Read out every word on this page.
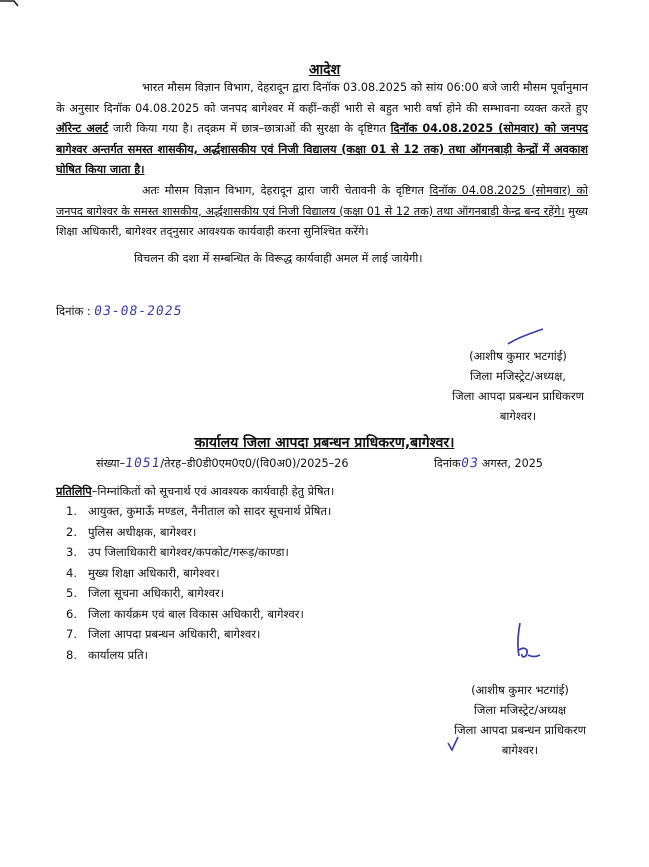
आदेश

भारत मौसम विज्ञान विभाग, देहरादून द्वारा दिनॉक 03.08.2025 को सांय 06:00 बजे जारी मौसम पूर्वानुमान के अनुसार दिनॉक 04.08.2025 को जनपद बागेश्वर में कहीं–कहीं भारी से बहुत भारी वर्षा होने की सम्भावना व्यक्त करते हुए ऑरेन्ट अलर्ट जारी किया गया है। तद्‌क्रम में छात्र–छात्राओं की सुरक्षा के दृष्टिगत दिनॉक 04.08.2025 (सोमवार) को जनपद बागेश्वर अन्तर्गत समस्त शासकीय, अर्द्धशासकीय एवं निजी विद्यालय (कक्षा 01 से 12 तक) तथा ऑगनबाड़ी केन्द्रों में अवकाश घोषित किया जाता है।

अतः मौसम विज्ञान विभाग, देहरादून द्वारा जारी चेतावनी के दृष्टिगत दिनॉक 04.08.2025 (सोमवार) को जनपद बागेश्वर के समस्त शासकीय, अर्द्धशासकीय एवं निजी विद्यालय (कक्षा 01 से 12 तक) तथा ऑगनबाड़ी केन्द्र बन्द रहेंगे। मुख्य शिक्षा अधिकारी, बागेश्वर तद्नुसार आवश्यक कार्यवाही करना सुनिश्चित करेंगे।

विचलन की दशा में सम्बन्धित के विरूद्ध कार्यवाही अमल में लाई जायेगी।

दिनांक : 03-08-2025
(आशीष कुमार भटगांई)
जिला मजिस्ट्रेट/अध्यक्ष,
जिला आपदा प्रबन्धन प्राधिकरण
बागेश्वर।
कार्यालय जिला आपदा प्रबन्धन प्राधिकरण,बागेश्वर।
संख्या–1051/तेरह–डी0डी0एम0ए0/(वि0अ0)/2025–26	दिनांक03 अगस्त, 2025
प्रतिलिपि–निम्नांकितों को सूचनार्थ एवं आवश्यक कार्यवाही हेतु प्रेषित।
1. आयुक्त, कुमाऊँ मण्डल, नैनीताल को सादर सूचनार्थ प्रेषित।
2. पुलिस अधीक्षक, बागेश्वर।
3. उप जिलाधिकारी बागेश्वर/कपकोट/गरूड़/काण्डा।
4. मुख्य शिक्षा अधिकारी, बागेश्वर।
5. जिला सूचना अधिकारी, बागेश्वर।
6. जिला कार्यक्रम एवं बाल विकास अधिकारी, बागेश्वर।
7. जिला आपदा प्रबन्धन अधिकारी, बागेश्वर।
8. कार्यालय प्रति।
(आशीष कुमार भटगांई)
जिला मजिस्ट्रेट/अध्यक्ष
जिला आपदा प्रबन्धन प्राधिकरण
बागेश्वर।
